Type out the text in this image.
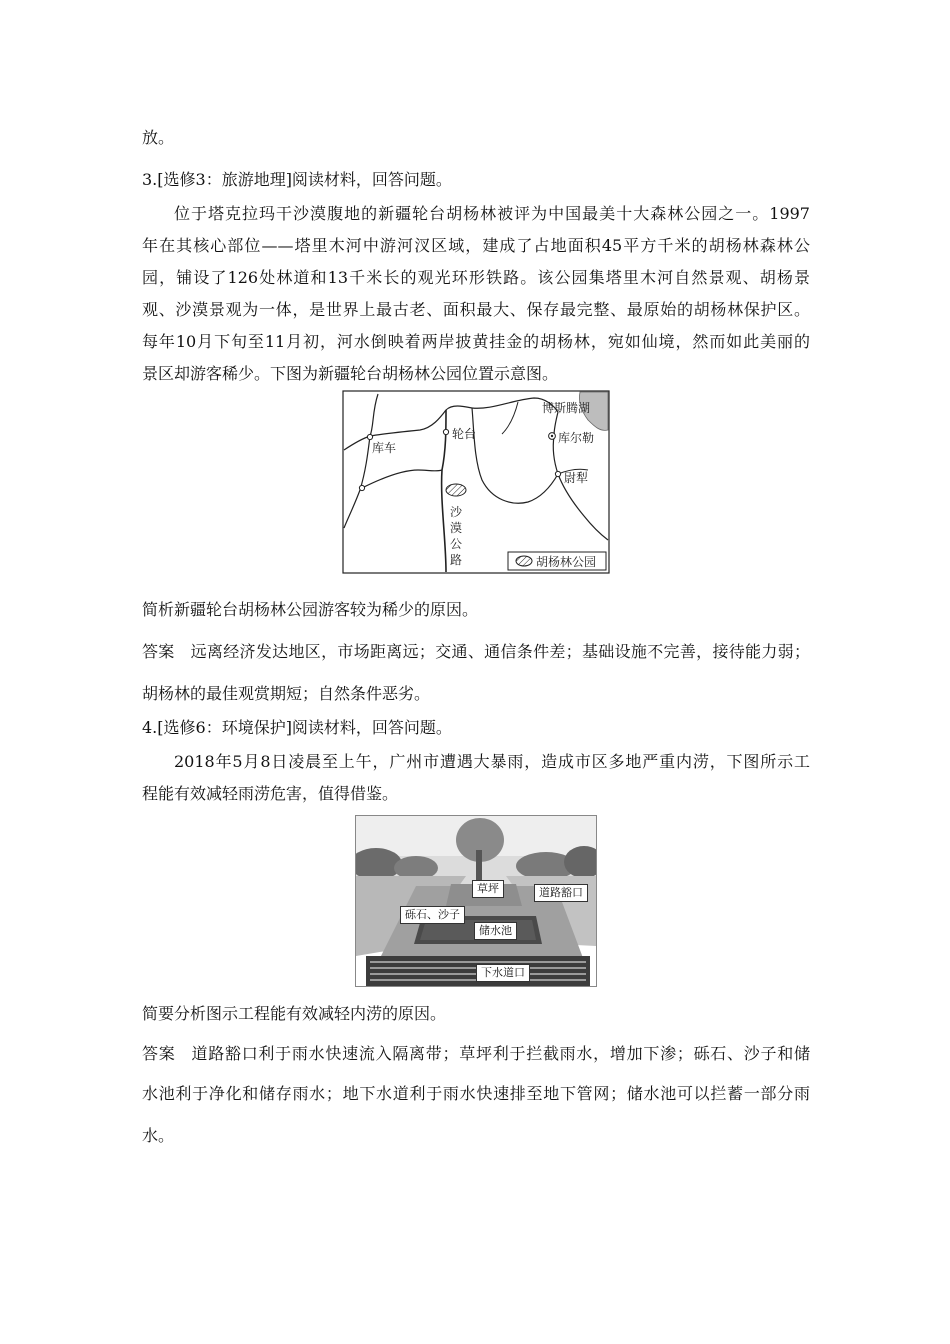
放。
3.[选修3：旅游地理]阅读材料，回答问题。
位于塔克拉玛干沙漠腹地的新疆轮台胡杨林被评为中国最美十大森林公园之一。1997
年在其核心部位——塔里木河中游河汊区域，建成了占地面积45平方千米的胡杨林森林公
园，铺设了126处林道和13千米长的观光环形铁路。该公园集塔里木河自然景观、胡杨景
观、沙漠景观为一体，是世界上最古老、面积最大、保存最完整、最原始的胡杨林保护区。
每年10月下旬至11月初，河水倒映着两岸披黄挂金的胡杨林，宛如仙境，然而如此美丽的
景区却游客稀少。下图为新疆轮台胡杨林公园位置示意图。
博斯腾湖
库车
轮台	库尔勒
尉犁
沙
漠
公
路	胡杨林公园
简析新疆轮台胡杨林公园游客较为稀少的原因。
答案 远离经济发达地区，市场距离远；交通、通信条件差；基础设施不完善，接待能力弱；
胡杨林的最佳观赏期短；自然条件恶劣。
4.[选修6：环境保护]阅读材料，回答问题。
2018年5月8日凌晨至上午，广州市遭遇大暴雨，造成市区多地严重内涝，下图所示工
程能有效减轻雨涝危害，值得借鉴。
草坪	道路豁口
砾石、沙子
储水池
下水道口
简要分析图示工程能有效减轻内涝的原因。
答案 道路豁口利于雨水快速流入隔离带；草坪利于拦截雨水，增加下渗；砾石、沙子和储
水池利于净化和储存雨水；地下水道利于雨水快速排至地下管网；储水池可以拦蓄一部分雨
水。
